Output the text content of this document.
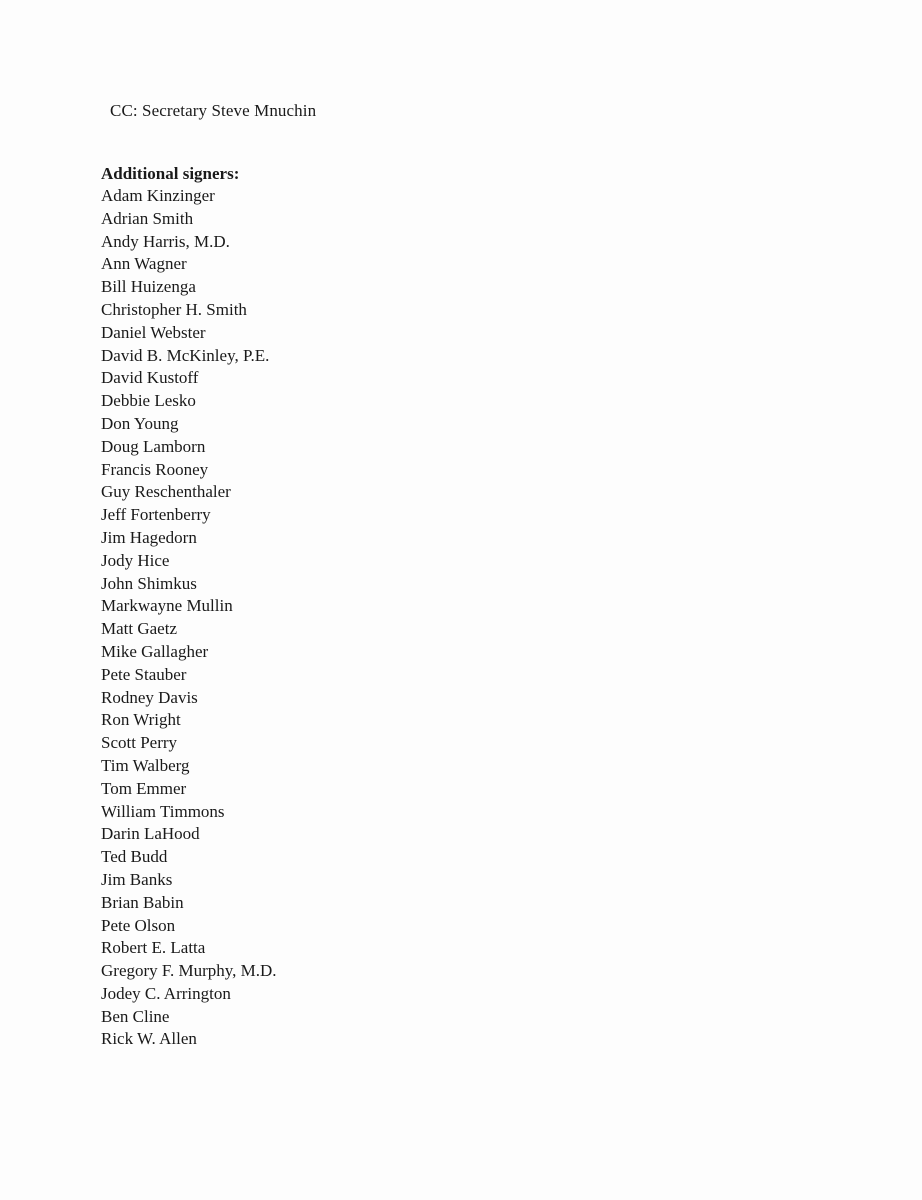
CC: Secretary Steve Mnuchin

Additional signers:

Adam Kinzinger
Adrian Smith
Andy Harris, M.D.
Ann Wagner
Bill Huizenga
Christopher H. Smith
Daniel Webster
David B. McKinley, P.E.
David Kustoff
Debbie Lesko
Don Young
Doug Lamborn
Francis Rooney
Guy Reschenthaler
Jeff Fortenberry
Jim Hagedorn
Jody Hice
John Shimkus
Markwayne Mullin
Matt Gaetz
Mike Gallagher
Pete Stauber
Rodney Davis
Ron Wright
Scott Perry
Tim Walberg
Tom Emmer
William Timmons
Darin LaHood
Ted Budd
Jim Banks
Brian Babin
Pete Olson
Robert E. Latta
Gregory F. Murphy, M.D.
Jodey C. Arrington
Ben Cline
Rick W. Allen
